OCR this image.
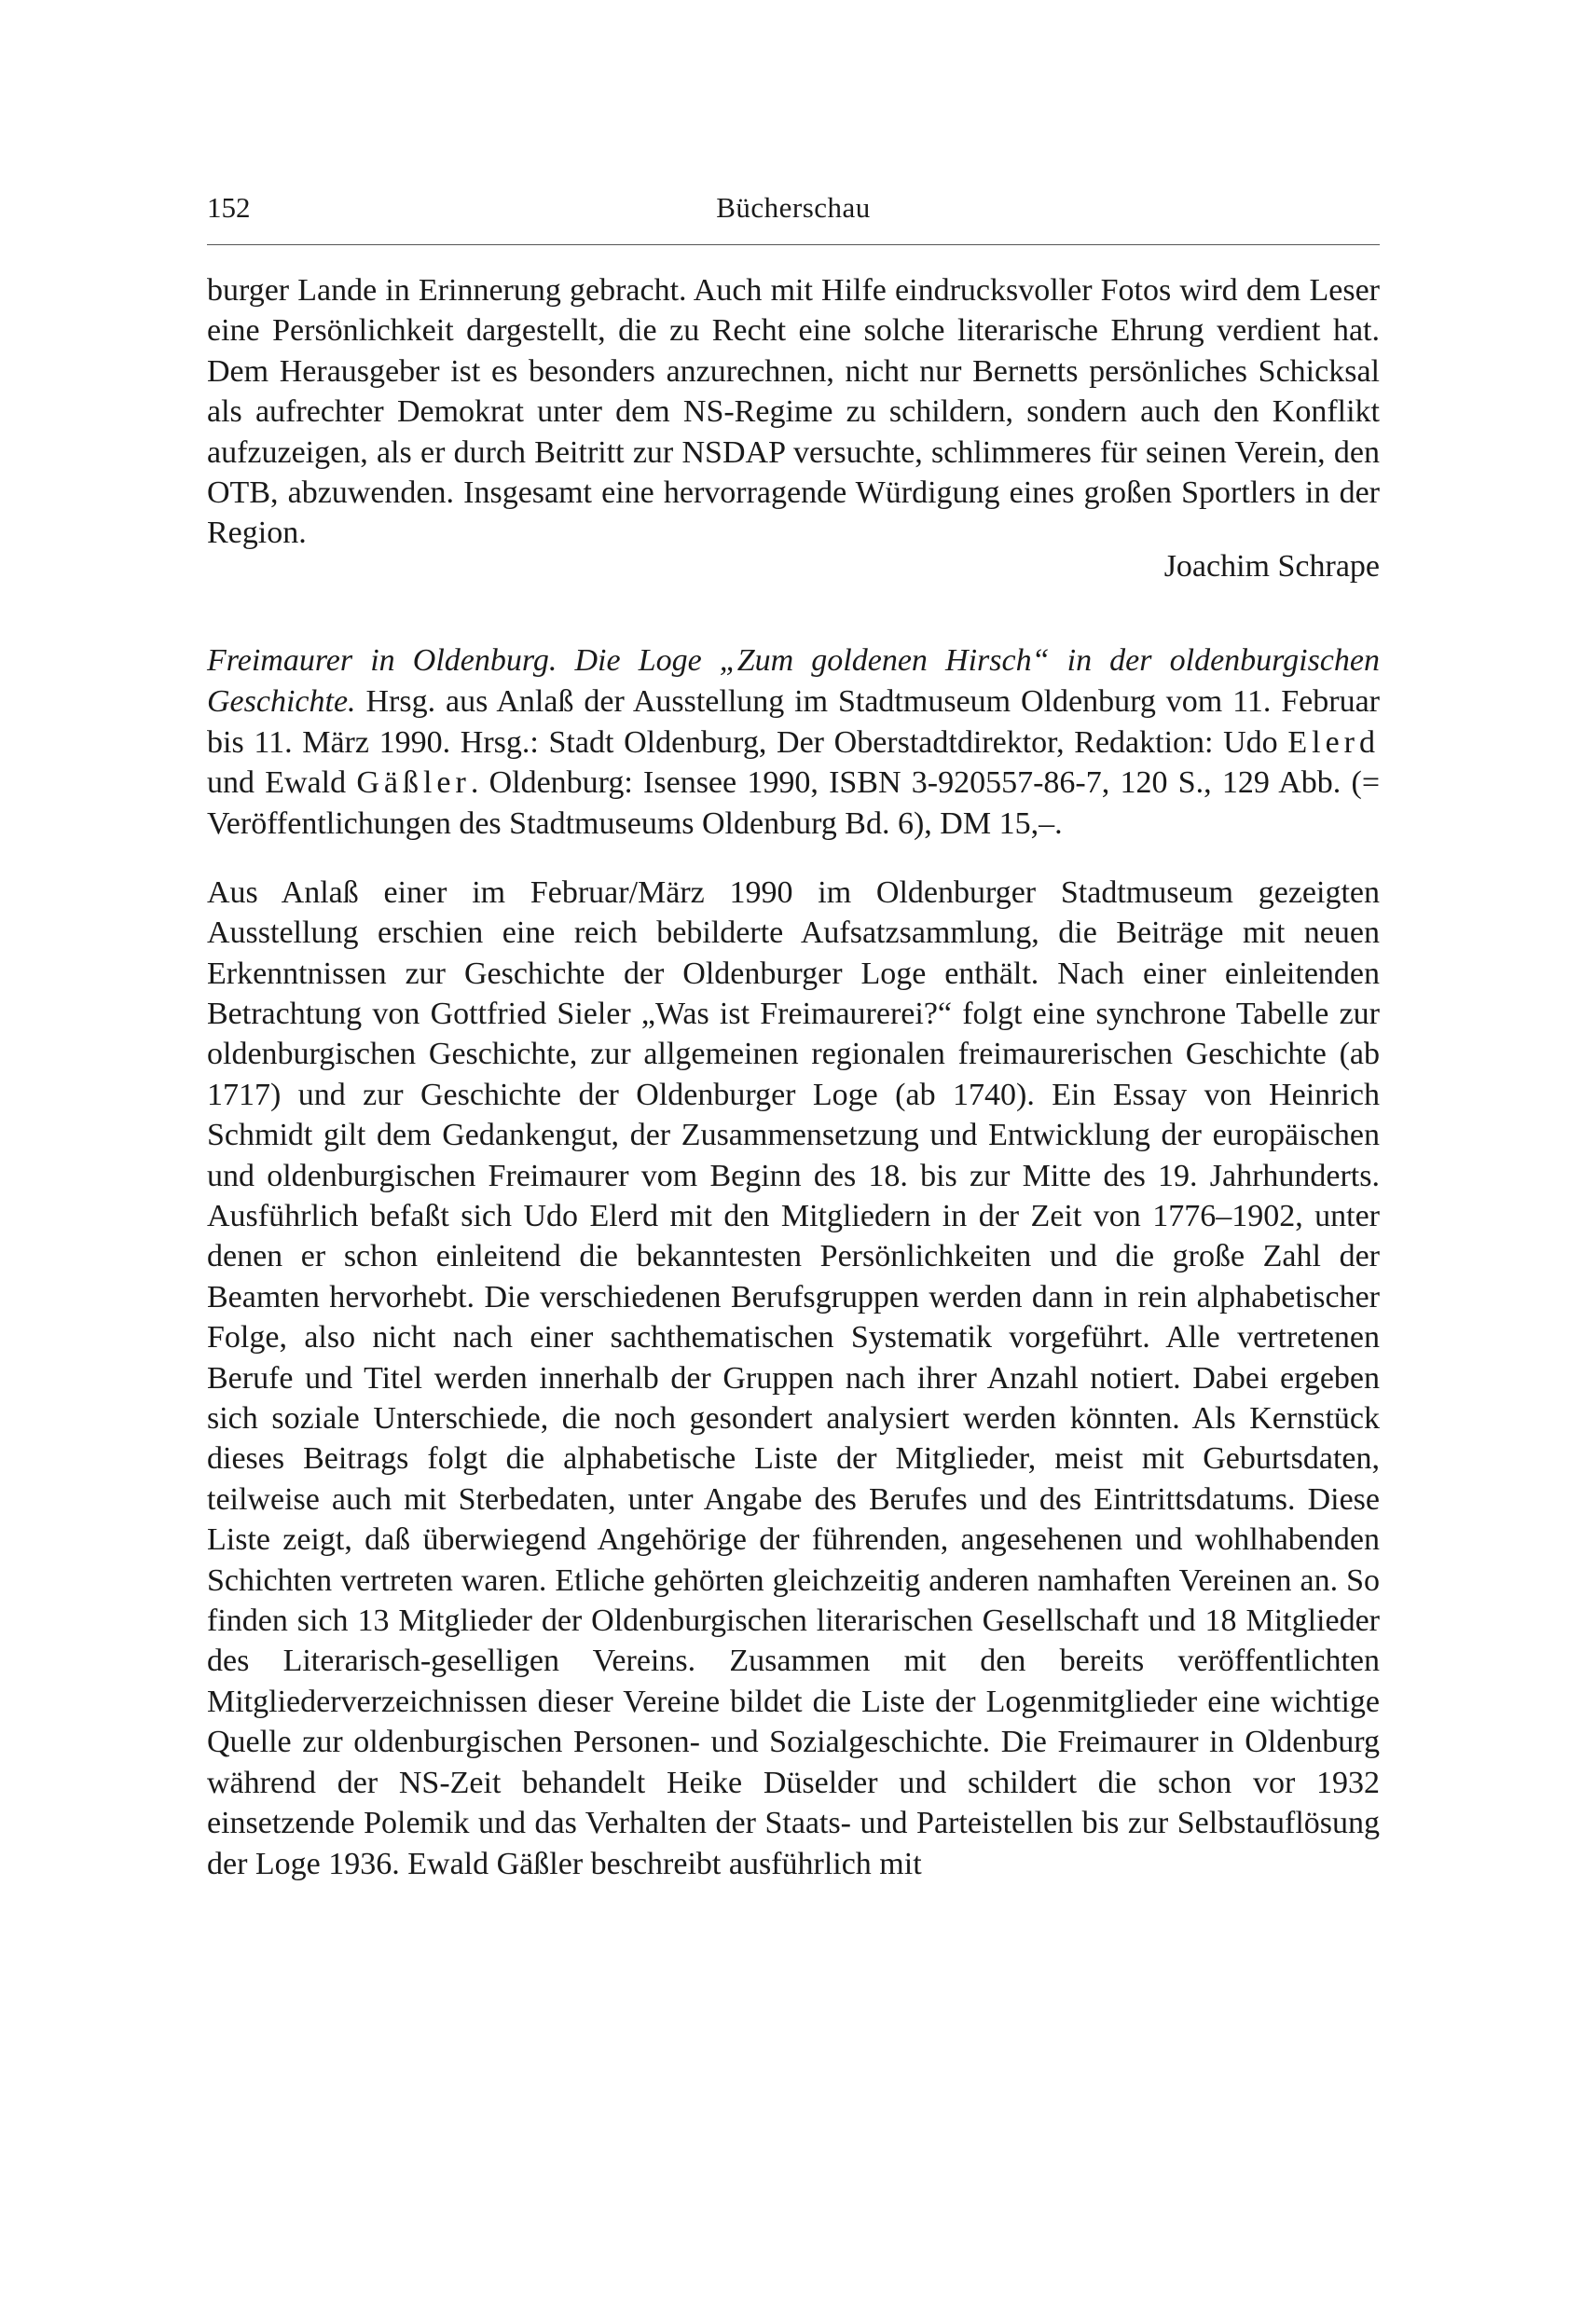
152	Bücherschau

burger Lande in Erinnerung gebracht. Auch mit Hilfe eindrucksvoller Fotos wird dem Leser eine Persönlichkeit dargestellt, die zu Recht eine solche literarische Ehrung verdient hat. Dem Herausgeber ist es besonders anzurechnen, nicht nur Bernetts persönliches Schicksal als aufrechter Demokrat unter dem NS-Regime zu schildern, sondern auch den Konflikt aufzuzeigen, als er durch Beitritt zur NSDAP versuchte, schlimmeres für seinen Verein, den OTB, abzuwenden. Insgesamt eine hervorragende Würdigung eines großen Sportlers in der Region.

Joachim Schrape

Freimaurer in Oldenburg. Die Loge „Zum goldenen Hirsch“ in der oldenburgischen Geschichte. Hrsg. aus Anlaß der Ausstellung im Stadtmuseum Oldenburg vom 11. Februar bis 11. März 1990. Hrsg.: Stadt Oldenburg, Der Oberstadtdirektor, Redaktion: Udo Elerd und Ewald Gäßler. Oldenburg: Isensee 1990, ISBN 3-920557-86-7, 120 S., 129 Abb. (= Veröffentlichungen des Stadtmuseums Oldenburg Bd. 6), DM 15,–.

Aus Anlaß einer im Februar/März 1990 im Oldenburger Stadtmuseum gezeigten Ausstellung erschien eine reich bebilderte Aufsatzsammlung, die Beiträge mit neuen Erkenntnissen zur Geschichte der Oldenburger Loge enthält. Nach einer einleitenden Betrachtung von Gottfried Sieler „Was ist Freimaurerei?“ folgt eine synchrone Tabelle zur oldenburgischen Geschichte, zur allgemeinen regionalen freimaurerischen Geschichte (ab 1717) und zur Geschichte der Oldenburger Loge (ab 1740). Ein Essay von Heinrich Schmidt gilt dem Gedankengut, der Zusammensetzung und Entwicklung der europäischen und oldenburgischen Freimaurer vom Beginn des 18. bis zur Mitte des 19. Jahrhunderts. Ausführlich befaßt sich Udo Elerd mit den Mitgliedern in der Zeit von 1776–1902, unter denen er schon einleitend die bekanntesten Persönlichkeiten und die große Zahl der Beamten hervorhebt. Die verschiedenen Berufsgruppen werden dann in rein alphabetischer Folge, also nicht nach einer sachthematischen Systematik vorgeführt. Alle vertretenen Berufe und Titel werden innerhalb der Gruppen nach ihrer Anzahl notiert. Dabei ergeben sich soziale Unterschiede, die noch gesondert analysiert werden könnten. Als Kernstück dieses Beitrags folgt die alphabetische Liste der Mitglieder, meist mit Geburtsdaten, teilweise auch mit Sterbedaten, unter Angabe des Berufes und des Eintrittsdatums. Diese Liste zeigt, daß überwiegend Angehörige der führenden, angesehenen und wohlhabenden Schichten vertreten waren. Etliche gehörten gleichzeitig anderen namhaften Vereinen an. So finden sich 13 Mitglieder der Oldenburgischen literarischen Gesellschaft und 18 Mitglieder des Literarisch-geselligen Vereins. Zusammen mit den bereits veröffentlichten Mitgliederverzeichnissen dieser Vereine bildet die Liste der Logenmitglieder eine wichtige Quelle zur oldenburgischen Personen- und Sozialgeschichte. Die Freimaurer in Oldenburg während der NS-Zeit behandelt Heike Düselder und schildert die schon vor 1932 einsetzende Polemik und das Verhalten der Staats- und Parteistellen bis zur Selbstauflösung der Loge 1936. Ewald Gäßler beschreibt ausführlich mit
